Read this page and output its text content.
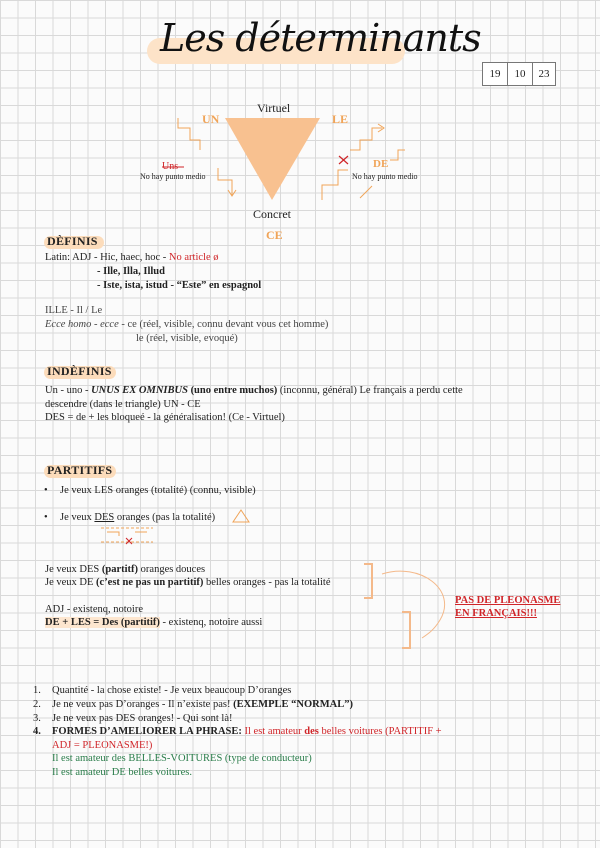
Les déterminants
19	10	23
Virtuel
Concret
UN	LE
Uns
No hay punto medio
DE
No hay punto medio
CE
DÈFINIS
Latin: ADJ - Hic, haec, hoc - No article ø
- Ille, Illa, Illud
- Iste, ista, istud - “Este” en espagnol
ILLE - Il / Le
Ecce homo - ecce - ce (réel, visible, connu devant vous cet homme)
le (réel, visible, evoqué)
INDÈFINIS
Un - uno - UNUS EX OMNIBUS (uno entre muchos) (inconnu, général) Le français a perdu cette
descendre (dans le triangle) UN - CE
DES = de + les bloqueé - la généralisation! (Ce - Virtuel)
PARTITIFS
• Je veux LES oranges (totalité) (connu, visible)
• Je veux DES oranges (pas la totalité)
Je veux DES (partitf) oranges douces
Je veux DE (c’est ne pas un partitif) belles oranges - pas la totalité
ADJ - existenq, notoire
DE + LES = Des (partitif) - existenq, notoire aussi
PAS DE PLEONASME
EN FRANÇAIS!!!
1. Quantité - la chose existe! - Je veux beaucoup D’oranges
2. Je ne veux pas D’oranges - Il n’existe pas! (EXEMPLE “NORMAL”)
3. Je ne veux pas DES oranges! - Qui sont là!
4. FORMES D’AMELIORER LA PHRASE: Il est amateur des belles voitures (PARTITIF +
ADJ = PLEONASME!)
Il est amateur des BELLES-VOITURES (type de conducteur)
Il est amateur DE belles voitures.
